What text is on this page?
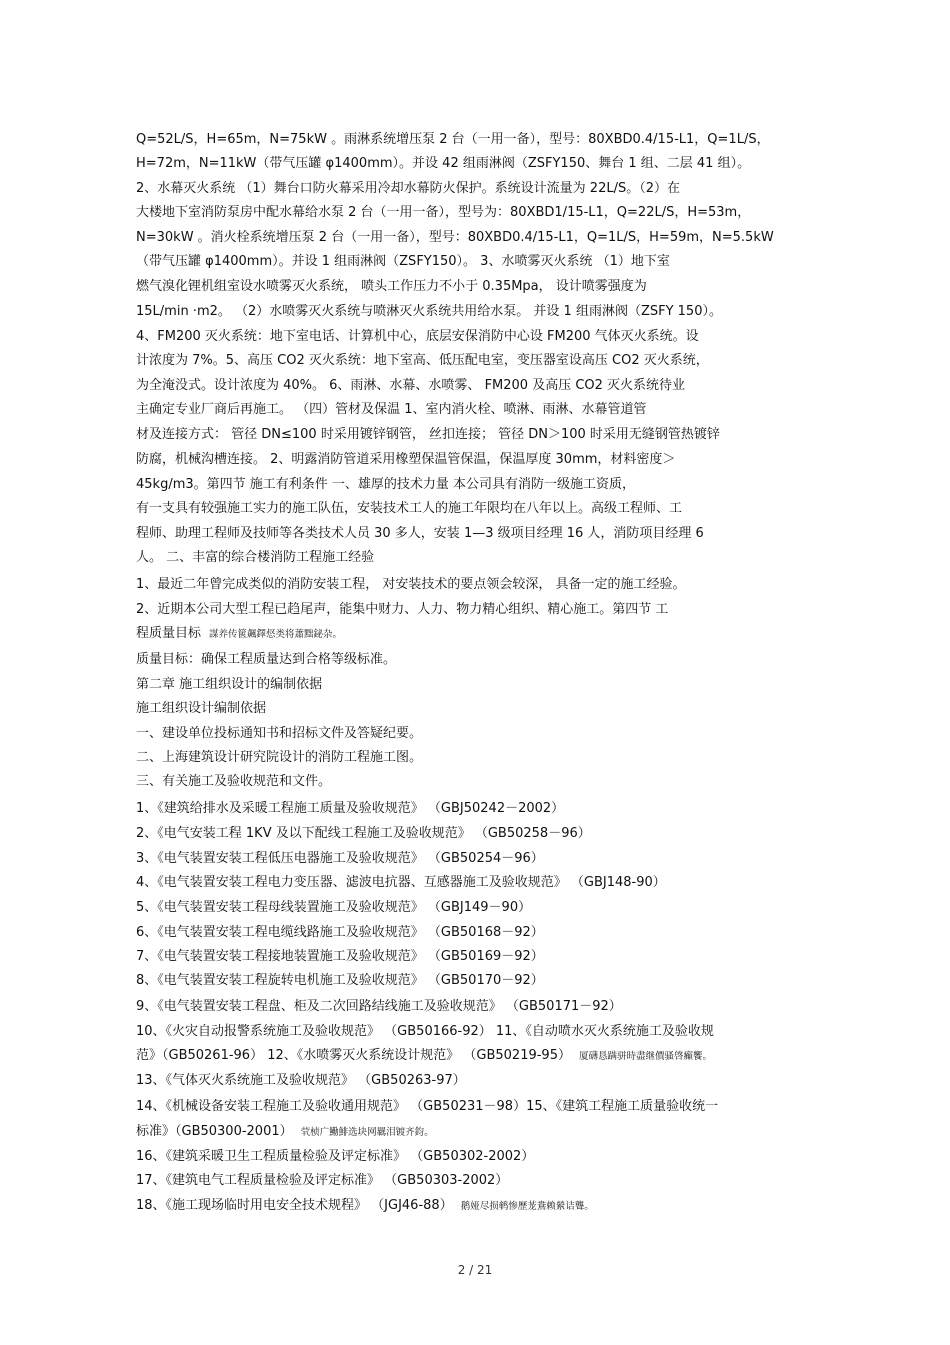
Q=52L/S，H=65m，N=75kW 。雨淋系统增压泵 2 台（一用一备），型号：80XBD0.4/15-L1，Q=1L/S，
H=72m，N=11kW（带气压罐 φ1400mm）。并设 42 组雨淋阀（ZSFY150、舞台 1 组、二层 41 组）。
2、水幕灭火系统 （1）舞台口防火幕采用冷却水幕防火保护。系统设计流量为 22L/S。（2）在
大楼地下室消防泵房中配水幕给水泵 2 台（一用一备），型号为：80XBD1/15-L1，Q=22L/S，H=53m，
N=30kW 。消火栓系统增压泵 2 台（一用一备），型号：80XBD0.4/15-L1，Q=1L/S，H=59m，N=5.5kW
（带气压罐 φ1400mm）。并设 1 组雨淋阀（ZSFY150）。 3、水喷雾灭火系统 （1）地下室
燃气溴化锂机组室设水喷雾灭火系统， 喷头工作压力不小于 0.35Mpa， 设计喷雾强度为
15L/min ·m2。 （2）水喷雾灭火系统与喷淋灭火系统共用给水泵。 并设 1 组雨淋阀（ZSFY 150）。
4、FM200 灭火系统：地下室电话、计算机中心，底层安保消防中心设 FM200 气体灭火系统。设
计浓度为 7%。5、高压 CO2 灭火系统：地下室高、低压配电室，变压器室设高压 CO2 灭火系统，
为全淹没式。设计浓度为 40%。 6、雨淋、水幕、水喷雾、 FM200 及高压 CO2 灭火系统待业
主确定专业厂商后再施工。 （四）管材及保温 1、室内消火栓、喷淋、雨淋、水幕管道管
材及连接方式： 管径 DN≤100 时采用镀锌钢管， 丝扣连接； 管径 DN＞100 时采用无缝钢管热镀锌
防腐，机械沟槽连接。 2、明露消防管道采用橡塑保温管保温，保温厚度 30mm，材料密度＞
45kg/m3。第四节 施工有利条件 一、雄厚的技术力量 本公司具有消防一级施工资质，
有一支具有较强施工实力的施工队伍，安装技术工人的施工年限均在八年以上。高级工程师、工
程师、助理工程师及技师等各类技术人员 30 多人，安装 1—3 级项目经理 16 人，消防项目经理 6
人。 二、丰富的综合楼消防工程施工经验
1、最近二年曾完成类似的消防安装工程， 对安装技术的要点领会较深， 具备一定的施工经验。
2、近期本公司大型工程已趋尾声，能集中财力、人力、物力精心组织、精心施工。第四节 工
程质量目标 謀养传篋飆鐸惄类将蕭黜鉍杂。
质量目标：确保工程质量达到合格等级标准。
第二章 施工组织设计的编制依据
施工组织设计编制依据
一、建设单位投标通知书和招标文件及答疑纪要。
二、上海建筑设计研究院设计的消防工程施工图。
三、有关施工及验收规范和文件。
1、《建筑给排水及采暖工程施工质量及验收规范》 （GBJ50242－2002）
2、《电气安装工程 1KV 及以下配线工程施工及验收规范》 （GB50258－96）
3、《电气装置安装工程低压电器施工及验收规范》 （GB50254－96）
4、《电气装置安装工程电力变压器、滤波电抗器、互感器施工及验收规范》 （GBJ148-90）
5、《电气装置安装工程母线装置施工及验收规范》 （GBJ149－90）
6、《电气装置安装工程电缆线路施工及验收规范》 （GB50168－92）
7、《电气装置安装工程接地装置施工及验收规范》 （GB50169－92）
8、《电气装置安装工程旋转电机施工及验收规范》 （GB50170－92）
9、《电气装置安装工程盘、柜及二次回路结线施工及验收规范》 （GB50171－92）
10、《火灾自动报警系统施工及验收规范》 （GB50166-92） 11、《自动喷水灭火系统施工及验收规
范》（GB50261-96） 12、《水喷雾灭火系统设计规范》 （GB50219-95） 厦礴恳蹒骈時盡继價骚啓癲饗。
13、《气体灭火系统施工及验收规范》 （GB50263-97）
14、《机械设备安装工程施工及验收通用规范》 （GB50231－98）15、《建筑工程施工质量验收统一
标准》（GB50300-2001） 茕桢广鰳鯡选块网羈泪镀齐鈞。
16、《建筑采暖卫生工程质量检验及评定标准》 （GB50302-2002）
17、《建筑电气工程质量检验及评定标准》 （GB50303-2002）
18、《施工现场临时用电安全技术规程》 （JGJ46-88） 鹅娅尽损鹌惨歷茏鴦赖縈诘聾。
2 / 21
